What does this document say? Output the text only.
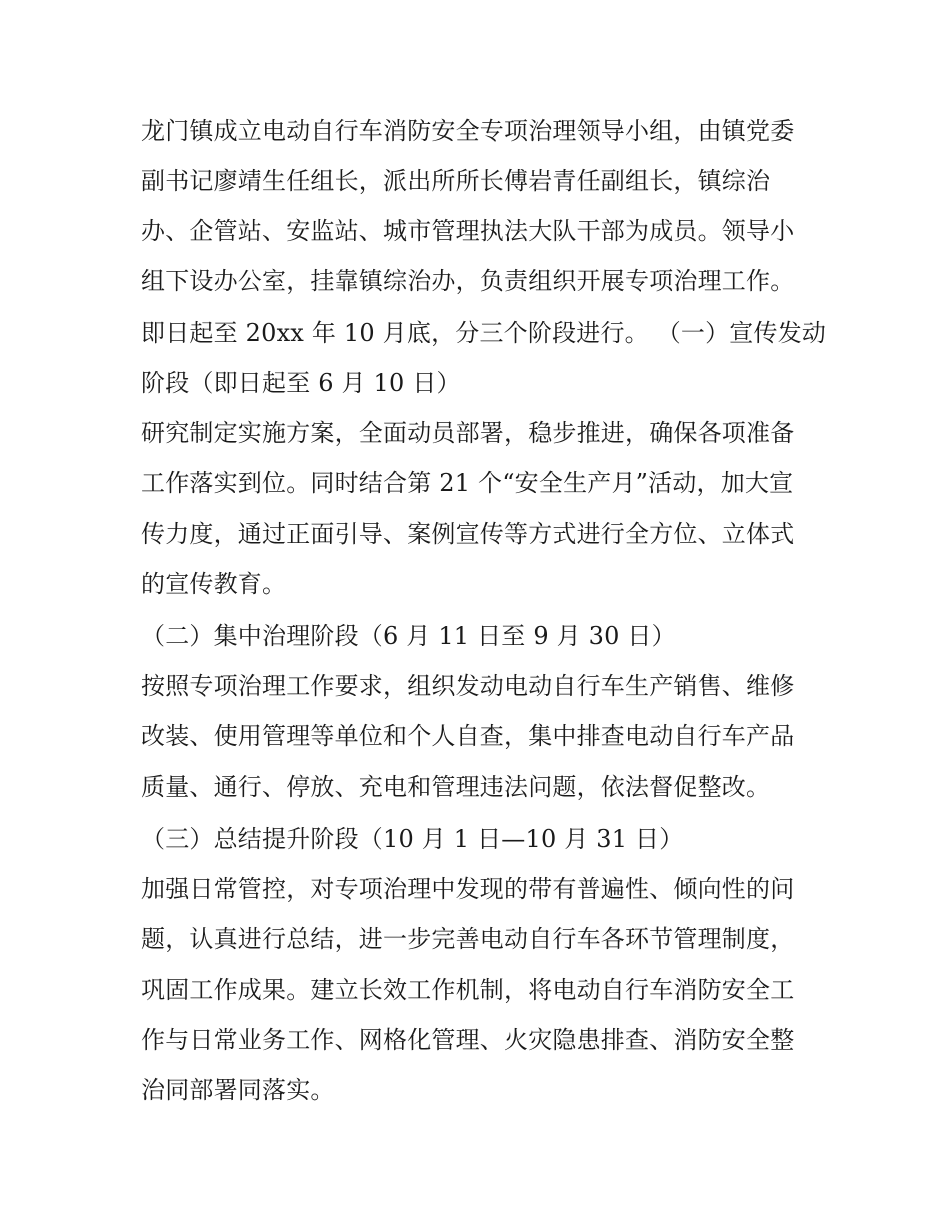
龙门镇成立电动自行车消防安全专项治理领导小组，由镇党委
副书记廖靖生任组长，派出所所长傅岩青任副组长，镇综治
办、企管站、安监站、城市管理执法大队干部为成员。领导小
组下设办公室，挂靠镇综治办，负责组织开展专项治理工作。
即日起至 20xx 年 10 月底，分三个阶段进行。 （一）宣传发动
阶段（即日起至 6 月 10 日）
研究制定实施方案，全面动员部署，稳步推进，确保各项准备
工作落实到位。同时结合第 21 个“安全生产月”活动，加大宣
传力度，通过正面引导、案例宣传等方式进行全方位、立体式
的宣传教育。
（二）集中治理阶段（6 月 11 日至 9 月 30 日）
按照专项治理工作要求，组织发动电动自行车生产销售、维修
改装、使用管理等单位和个人自查，集中排查电动自行车产品
质量、通行、停放、充电和管理违法问题，依法督促整改。
（三）总结提升阶段（10 月 1 日—10 月 31 日）
加强日常管控，对专项治理中发现的带有普遍性、倾向性的问
题，认真进行总结，进一步完善电动自行车各环节管理制度，
巩固工作成果。建立长效工作机制，将电动自行车消防安全工
作与日常业务工作、网格化管理、火灾隐患排查、消防安全整
治同部署同落实。
